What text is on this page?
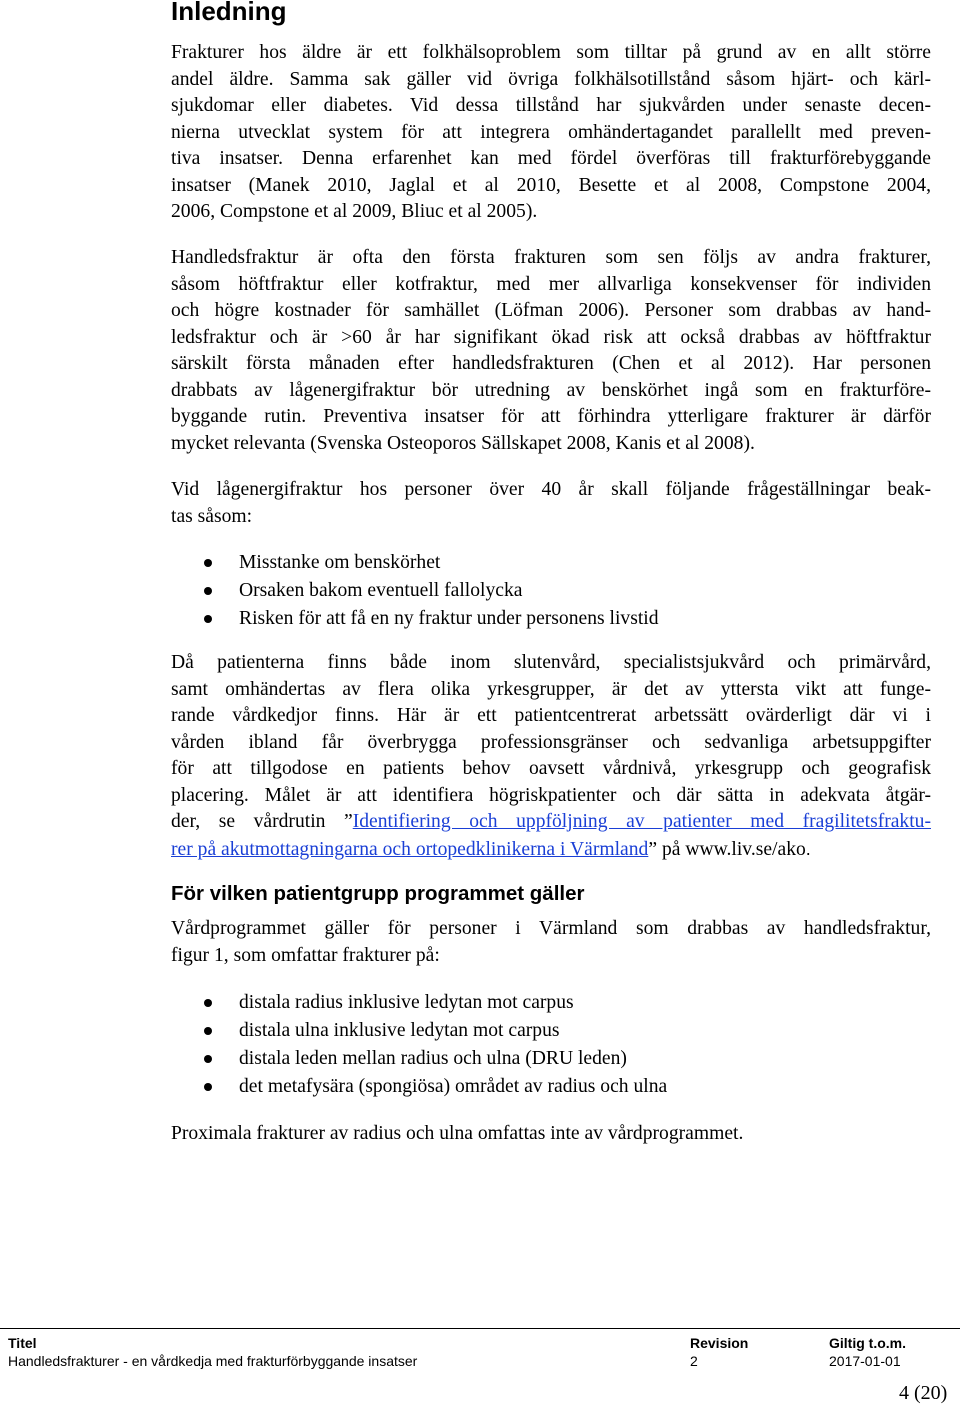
Inledning
Frakturer hos äldre är ett folkhälsoproblem som tilltar på grund av en allt större
andel äldre. Samma sak gäller vid övriga folkhälsotillstånd såsom hjärt- och kärl-
sjukdomar eller diabetes. Vid dessa tillstånd har sjukvården under senaste decen-
nierna utvecklat system för att integrera omhändertagandet parallellt med preven-
tiva insatser. Denna erfarenhet kan med fördel överföras till frakturförebyggande
insatser (Manek 2010, Jaglal et al 2010, Besette et al 2008, Compstone 2004,
2006, Compstone et al 2009, Bliuc et al 2005).
Handledsfraktur är ofta den första frakturen som sen följs av andra frakturer,
såsom höftfraktur eller kotfraktur, med mer allvarliga konsekvenser för individen
och högre kostnader för samhället (Löfman 2006). Personer som drabbas av hand-
ledsfraktur och är >60 år har signifikant ökad risk att också drabbas av höftfraktur
särskilt första månaden efter handledsfrakturen (Chen et al 2012). Har personen
drabbats av lågenergifraktur bör utredning av benskörhet ingå som en frakturföre-
byggande rutin. Preventiva insatser för att förhindra ytterligare frakturer är därför
mycket relevanta (Svenska Osteoporos Sällskapet 2008, Kanis et al 2008).
Vid lågenergifraktur hos personer över 40 år skall följande frågeställningar beak-
tas såsom:
Misstanke om benskörhet
Orsaken bakom eventuell fallolycka
Risken för att få en ny fraktur under personens livstid
Då patienterna finns både inom slutenvård, specialistsjukvård och primärvård,
samt omhändertas av flera olika yrkesgrupper, är det av yttersta vikt att funge-
rande vårdkedjor finns. Här är ett patientcentrerat arbetssätt ovärderligt där vi i
vården ibland får överbrygga professionsgränser och sedvanliga arbetsuppgifter
för att tillgodose en patients behov oavsett vårdnivå, yrkesgrupp och geografisk
placering. Målet är att identifiera högriskpatienter och där sätta in adekvata åtgär-
der, se vårdrutin ”Identifiering och uppföljning av patienter med fragilitetsfraktu-
rer på akutmottagningarna och ortopedklinikerna i Värmland” på www.liv.se/ako.
För vilken patientgrupp programmet gäller
Vårdprogrammet gäller för personer i Värmland som drabbas av handledsfraktur,
figur 1, som omfattar frakturer på:
distala radius inklusive ledytan mot carpus
distala ulna inklusive ledytan mot carpus
distala leden mellan radius och ulna (DRU leden)
det metafysära (spongiösa) området av radius och ulna
Proximala frakturer av radius och ulna omfattas inte av vårdprogrammet.
Titel
Handledsfrakturer - en vårdkedja med frakturförbyggande insatser
Revision
2
Giltig t.o.m.
2017-01-01
4 (20)
